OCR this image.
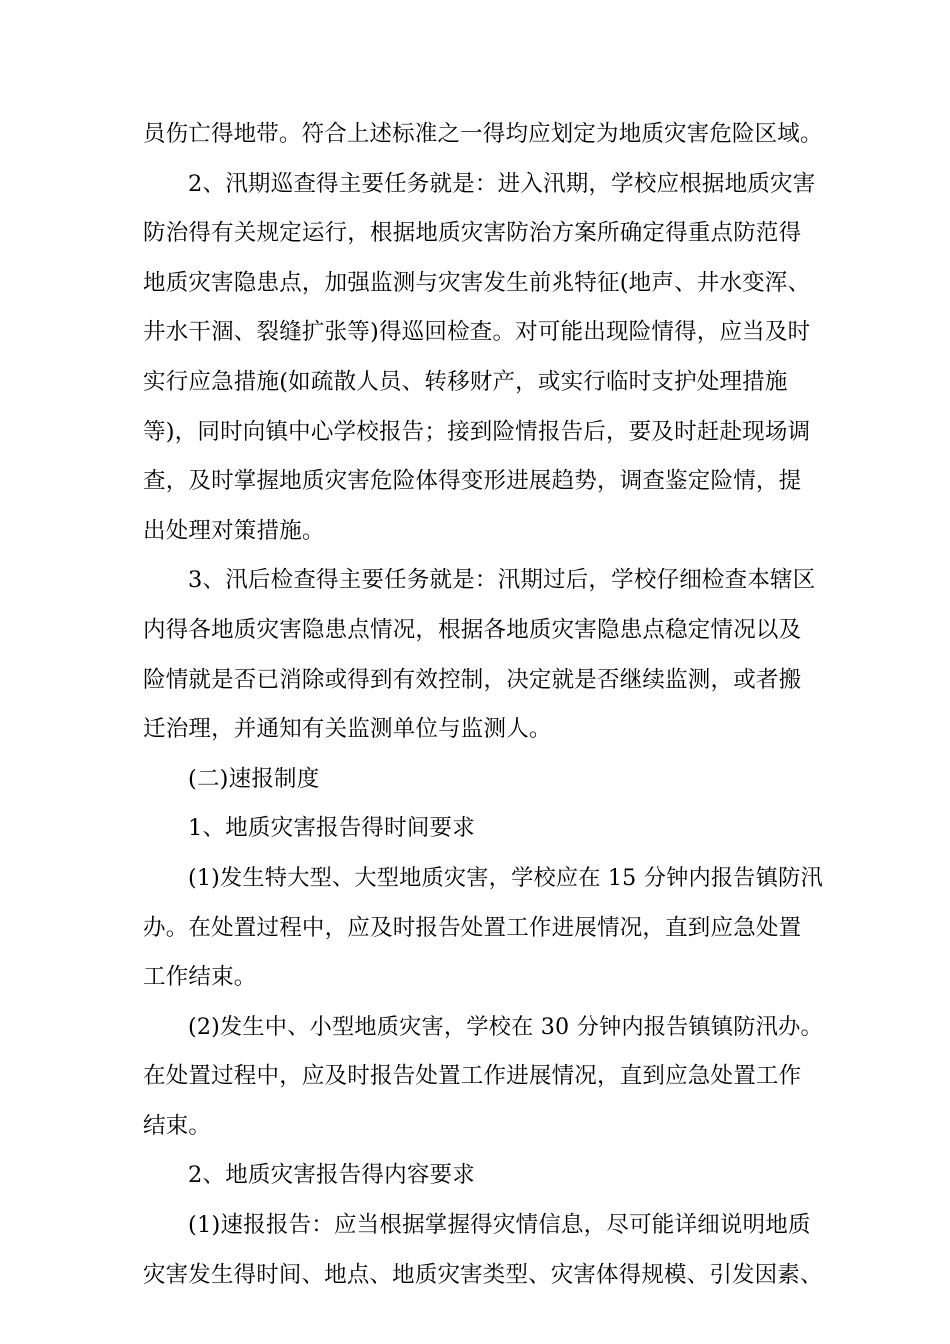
员伤亡得地带。符合上述标准之一得均应划定为地质灾害危险区域。
2、汛期巡查得主要任务就是：进入汛期，学校应根据地质灾害
防治得有关规定运行，根据地质灾害防治方案所确定得重点防范得
地质灾害隐患点，加强监测与灾害发生前兆特征(地声、井水变浑、
井水干涸、裂缝扩张等)得巡回检查。对可能出现险情得，应当及时
实行应急措施(如疏散人员、转移财产，或实行临时支护处理措施
等)，同时向镇中心学校报告；接到险情报告后，要及时赶赴现场调
查，及时掌握地质灾害危险体得变形进展趋势，调查鉴定险情，提
出处理对策措施。
3、汛后检查得主要任务就是：汛期过后，学校仔细检查本辖区
内得各地质灾害隐患点情况，根据各地质灾害隐患点稳定情况以及
险情就是否已消除或得到有效控制，决定就是否继续监测，或者搬
迁治理，并通知有关监测单位与监测人。
(二)速报制度
1、地质灾害报告得时间要求
(1)发生特大型、大型地质灾害，学校应在 15 分钟内报告镇防汛
办。在处置过程中，应及时报告处置工作进展情况，直到应急处置
工作结束。
(2)发生中、小型地质灾害，学校在 30 分钟内报告镇镇防汛办。
在处置过程中，应及时报告处置工作进展情况，直到应急处置工作
结束。
2、地质灾害报告得内容要求
(1)速报报告：应当根据掌握得灾情信息，尽可能详细说明地质
灾害发生得时间、地点、地质灾害类型、灾害体得规模、引发因素、
